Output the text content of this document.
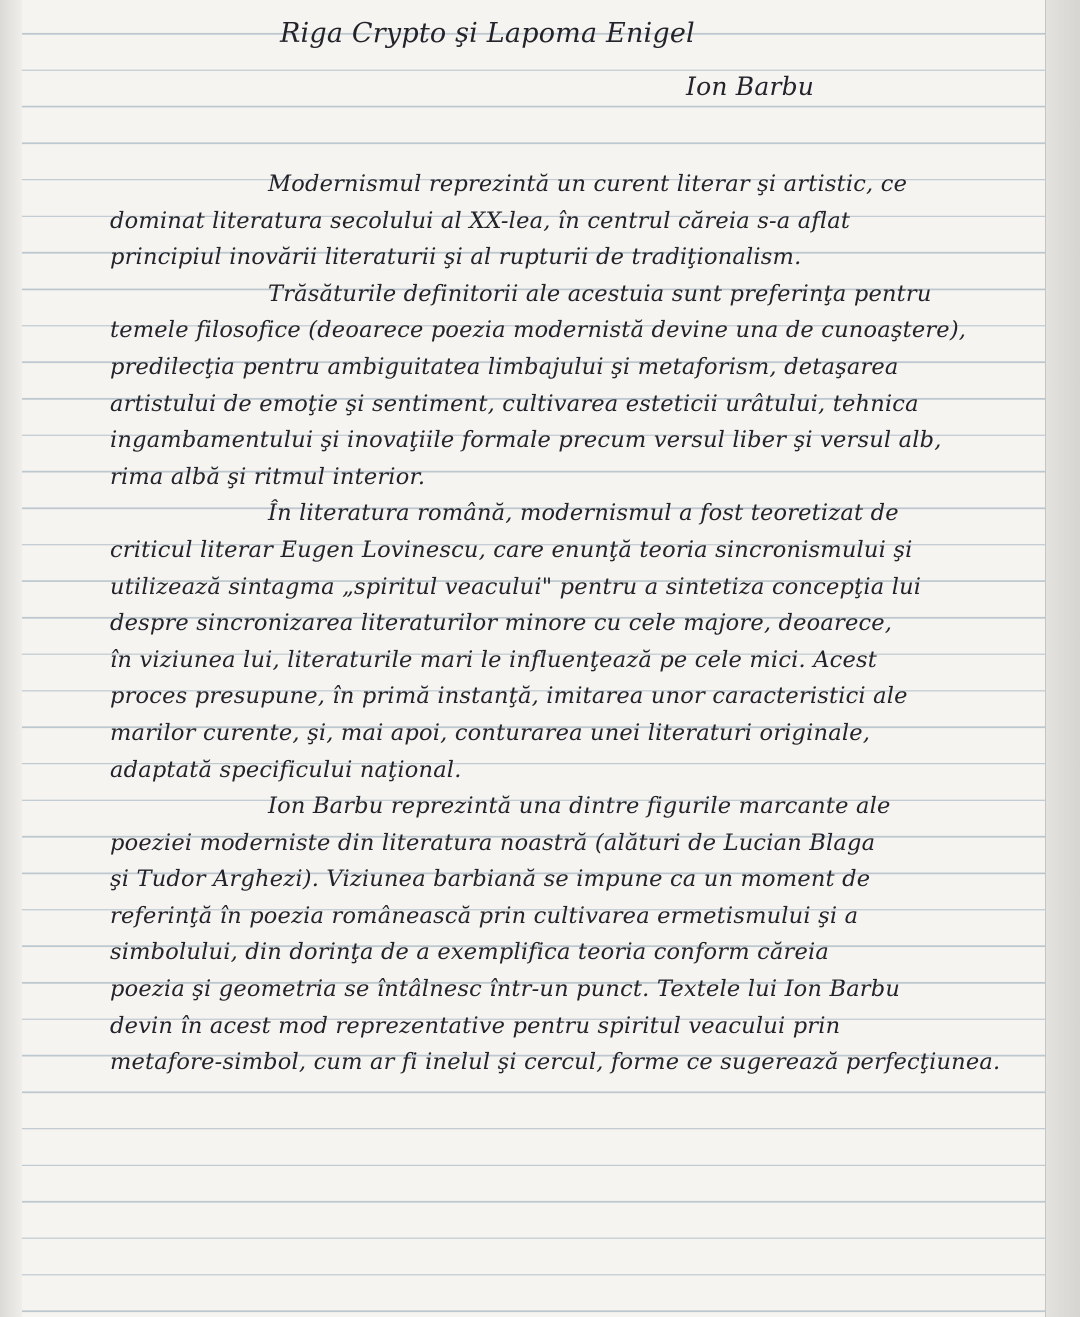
Riga Crypto şi Lapoma Enigel
Ion Barbu
Modernismul reprezintă un curent literar şi artistic, ce
dominat literatura secolului al XX-lea, în centrul căreia s-a aflat
principiul inovării literaturii şi al rupturii de tradiţionalism.
Trăsăturile definitorii ale acestuia sunt preferinţa pentru
temele filosofice (deoarece poezia modernistă devine una de cunoaştere),
predilecţia pentru ambiguitatea limbajului şi metaforism, detaşarea
artistului de emoţie şi sentiment, cultivarea esteticii urâtului, tehnica
ingambamentului şi inovaţiile formale precum versul liber şi versul alb,
rima albă şi ritmul interior.
În literatura română, modernismul a fost teoretizat de
criticul literar Eugen Lovinescu, care enunţă teoria sincronismului şi
utilizează sintagma „spiritul veacului" pentru a sintetiza concepţia lui
despre sincronizarea literaturilor minore cu cele majore, deoarece,
în viziunea lui, literaturile mari le influenţează pe cele mici. Acest
proces presupune, în primă instanţă, imitarea unor caracteristici ale
marilor curente, şi, mai apoi, conturarea unei literaturi originale,
adaptată specificului naţional.
Ion Barbu reprezintă una dintre figurile marcante ale
poeziei moderniste din literatura noastră (alături de Lucian Blaga
şi Tudor Arghezi). Viziunea barbiană se impune ca un moment de
referinţă în poezia românească prin cultivarea ermetismului şi a
simbolului, din dorinţa de a exemplifica teoria conform căreia
poezia şi geometria se întâlnesc într-un punct. Textele lui Ion Barbu
devin în acest mod reprezentative pentru spiritul veacului prin
metafore-simbol, cum ar fi inelul şi cercul, forme ce sugerează perfecţiunea.
